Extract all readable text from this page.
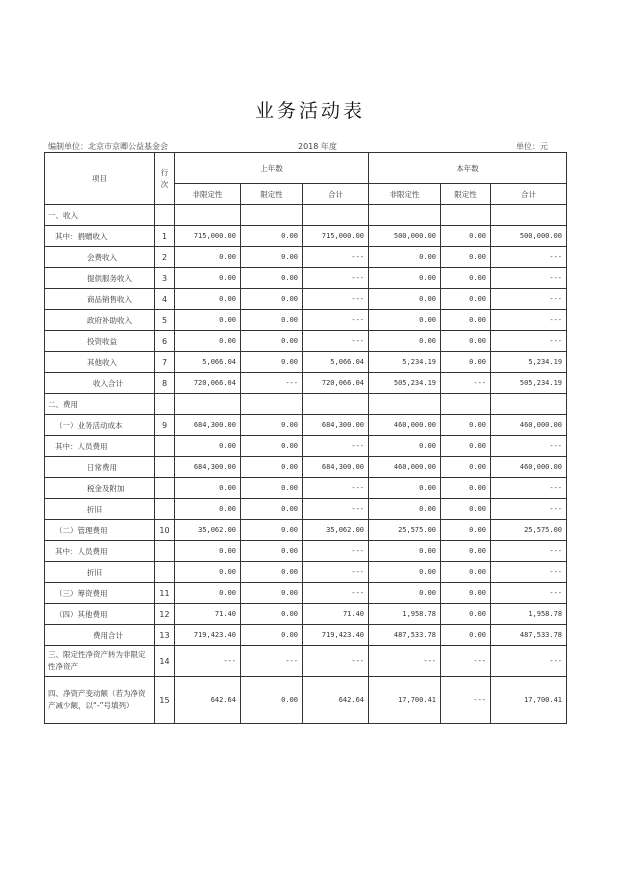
业务活动表
编制单位：北京市京卿公益基金会	2018 年度	单位：元
项目	行次	上年数			本年数		
		非限定性	限定性	合计	非限定性	限定性	合计
一、收入							
其中：捐赠收入	1	715,000.00	0.00	715,000.00	500,000.00	0.00	500,000.00
会费收入	2	0.00	0.00	---	0.00	0.00	---
提供服务收入	3	0.00	0.00	---	0.00	0.00	---
商品销售收入	4	0.00	0.00	---	0.00	0.00	---
政府补助收入	5	0.00	0.00	---	0.00	0.00	---
投资收益	6	0.00	0.00	---	0.00	0.00	---
其他收入	7	5,066.04	0.00	5,066.04	5,234.19	0.00	5,234.19
收入合计	8	720,066.04	---	720,066.04	505,234.19	---	505,234.19
二、费用							
（一）业务活动成本	9	684,300.00	0.00	684,300.00	460,000.00	0.00	460,000.00
其中：人员费用		0.00	0.00	---	0.00	0.00	---
日常费用		684,300.00	0.00	684,300.00	460,000.00	0.00	460,000.00
税金及附加		0.00	0.00	---	0.00	0.00	---
折旧		0.00	0.00	---	0.00	0.00	---
（二）管理费用	10	35,062.00	0.00	35,062.00	25,575.00	0.00	25,575.00
其中：人员费用		0.00	0.00	---	0.00	0.00	---
折旧		0.00	0.00	---	0.00	0.00	---
（三）筹资费用	11	0.00	0.00	---	0.00	0.00	---
（四）其他费用	12	71.40	0.00	71.40	1,958.78	0.00	1,958.78
费用合计	13	719,423.40	0.00	719,423.40	487,533.78	0.00	487,533.78
三、限定性净资产转为非限定性净资产	14	---	---	---	---	---	---
四、净资产变动额（若为净资产减少额，以“-”号填列）	15	642.64	0.00	642.64	17,700.41	---	17,700.41
